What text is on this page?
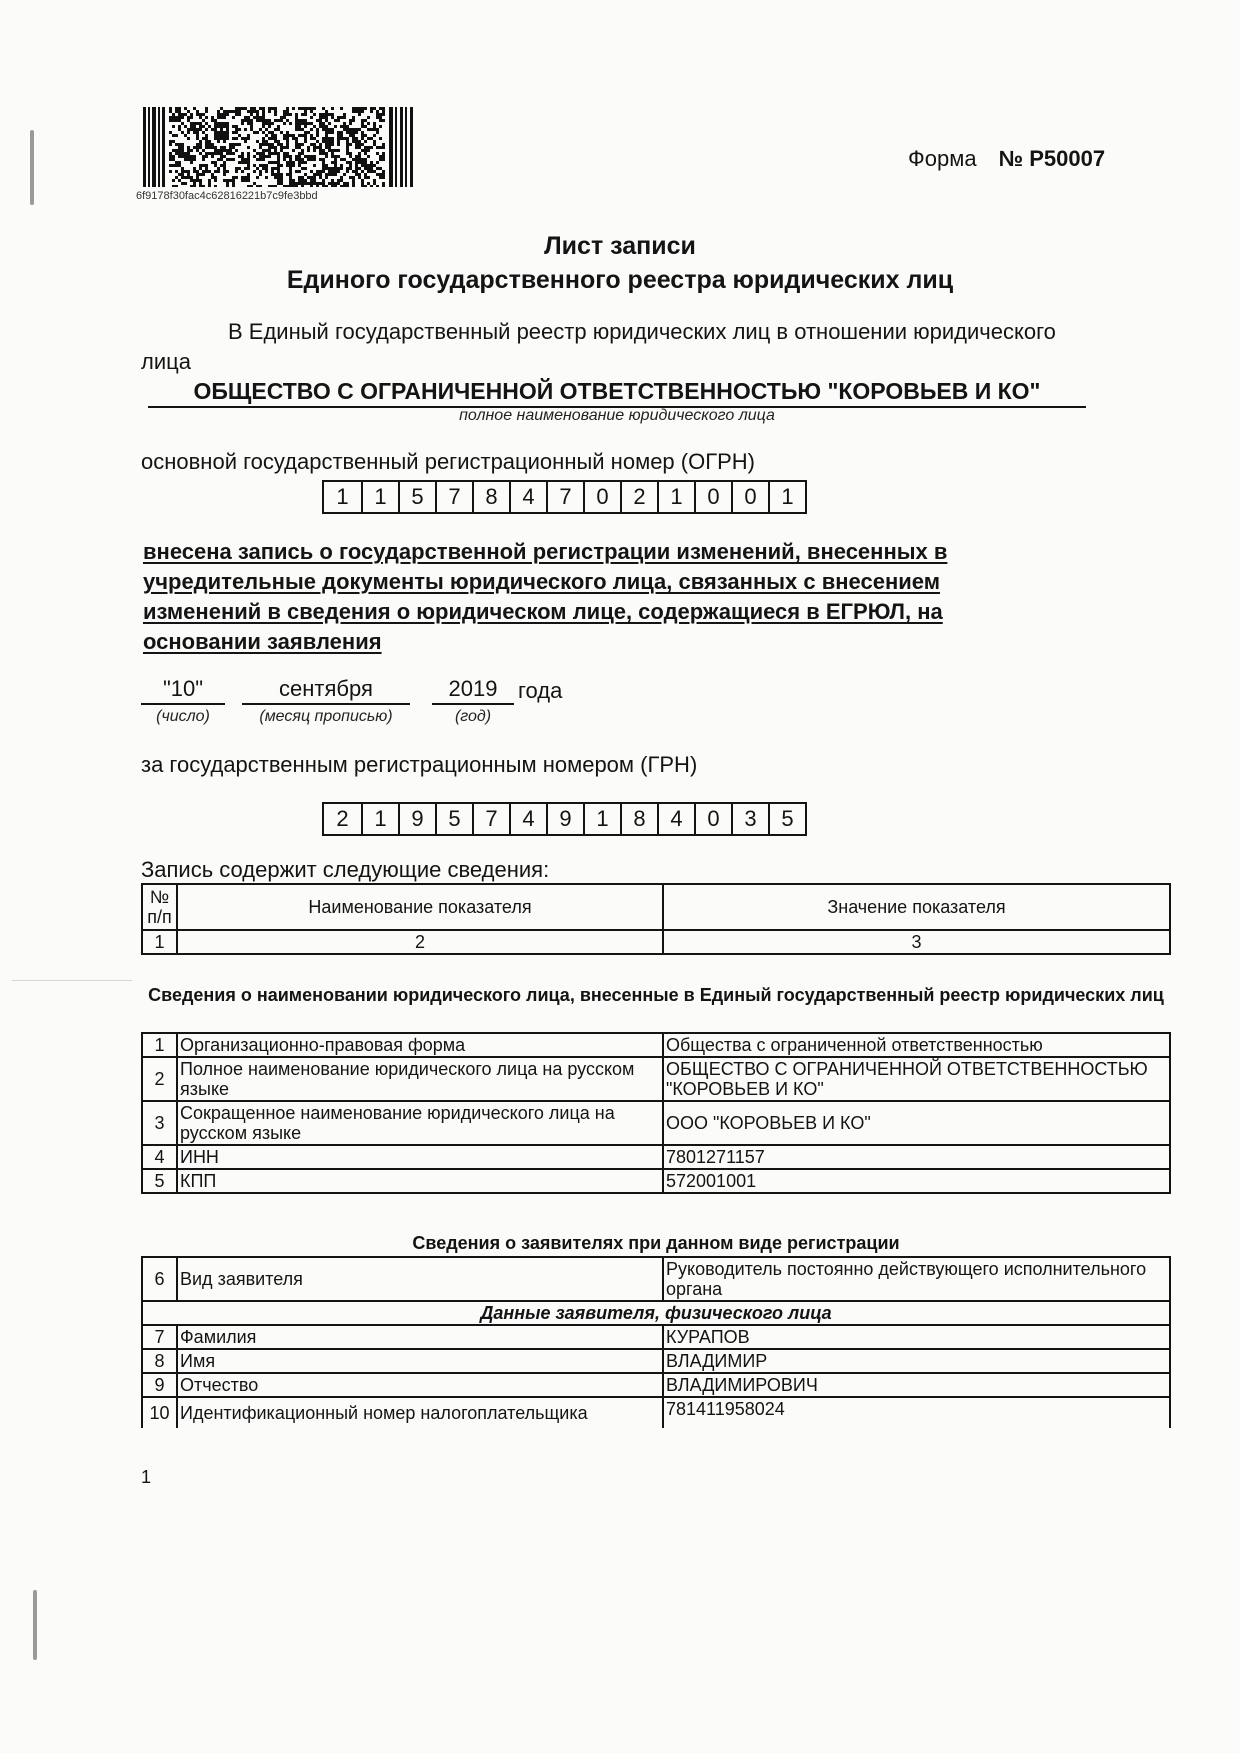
6f9178f30fac4c62816221b7c9fe3bbd
Форма № Р50007
Лист записи
Единого государственного реестра юридических лиц
В Единый государственный реестр юридических лиц в отношении юридического
лица
ОБЩЕСТВО С ОГРАНИЧЕННОЙ ОТВЕТСТВЕННОСТЬЮ "КОРОВЬЕВ И КО"
полное наименование юридического лица
основной государственный регистрационный номер (ОГРН)
1	1	5	7	8	4	7	0	2	1	0	0	1
внесена запись о государственной регистрации изменений, внесенных в
учредительные документы юридического лица, связанных с внесением
изменений в сведения о юридическом лице, содержащиеся в ЕГРЮЛ, на
основании заявления
"10"	сентября	2019 года
(число)	(месяц прописью)	(год)
за государственным регистрационным номером (ГРН)
2	1	9	5	7	4	9	1	8	4	0	3	5
Запись содержит следующие сведения:
№ п/п	Наименование показателя	Значение показателя
1	2	3
Сведения о наименовании юридического лица, внесенные в Единый государственный реестр юридических лиц
1	Организационно-правовая форма	Общества с ограниченной ответственностью
2	Полное наименование юридического лица на русском языке	ОБЩЕСТВО С ОГРАНИЧЕННОЙ ОТВЕТСТВЕННОСТЬЮ "КОРОВЬЕВ И КО"
3	Сокращенное наименование юридического лица на русском языке	ООО "КОРОВЬЕВ И КО"
4	ИНН	7801271157
5	КПП	572001001
Сведения о заявителях при данном виде регистрации
6	Вид заявителя	Руководитель постоянно действующего исполнительного органа
Данные заявителя, физического лица		
7	Фамилия	КУРАПОВ
8	Имя	ВЛАДИМИР
9	Отчество	ВЛАДИМИРОВИЧ
10	Идентификационный номер налогоплательщика	781411958024
1
